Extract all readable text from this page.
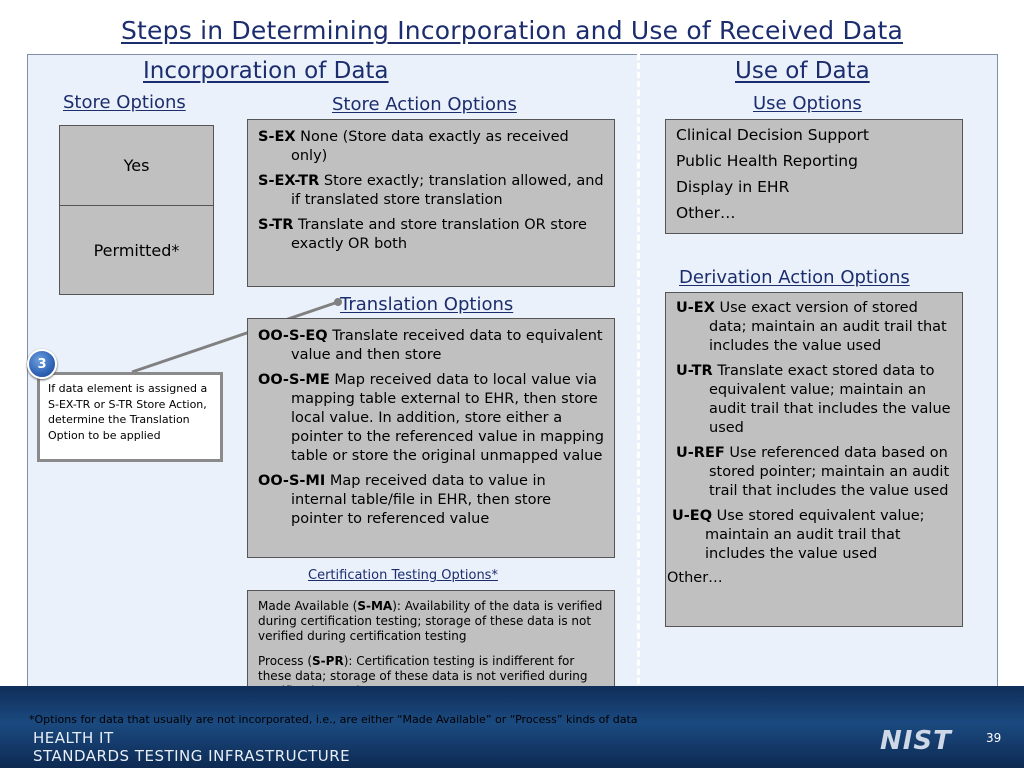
Steps in Determining Incorporation and Use of Received Data
Incorporation of Data	Use of Data
Store Options
Yes
Permitted*
Store Action Options

S-EX None (Store data exactly as received only)

S-EX-TR Store exactly; translation allowed, and if translated store translation

S-TR Translate and store translation OR store exactly OR both

Translation Options

OO-S-EQ Translate received data to equivalent value and then store

OO-S-ME Map received data to local value via mapping table external to EHR, then store local value. In addition, store either a pointer to the referenced value in mapping table or store the original unmapped value

OO-S-MI Map received data to value in internal table/file in EHR, then store pointer to referenced value

Certification Testing Options*

Made Available (S-MA): Availability of the data is verified during certification testing; storage of these data is not verified during certification testing

Process (S-PR): Certification testing is indifferent for these data; storage of these data is not verified during

Use Options
Clinical Decision Support
Public Health Reporting
Display in EHR
Other…
Derivation Action Options

U-EX Use exact version of stored data; maintain an audit trail that includes the value used

U-TR Translate exact stored data to equivalent value; maintain an audit trail that includes the value used

U-REF Use referenced data based on stored pointer; maintain an audit trail that includes the value used

U-EQ Use stored equivalent value; maintain an audit trail that includes the value used

Other…
If data element is assigned a S-EX-TR or S-TR Store Action, determine the Translation Option to be applied
3
*Options for data that usually are not incorporated, i.e., are either “Made Available” or “Process” kinds of data
HEALTH IT
STANDARDS TESTING INFRASTRUCTURE	NIST	39
